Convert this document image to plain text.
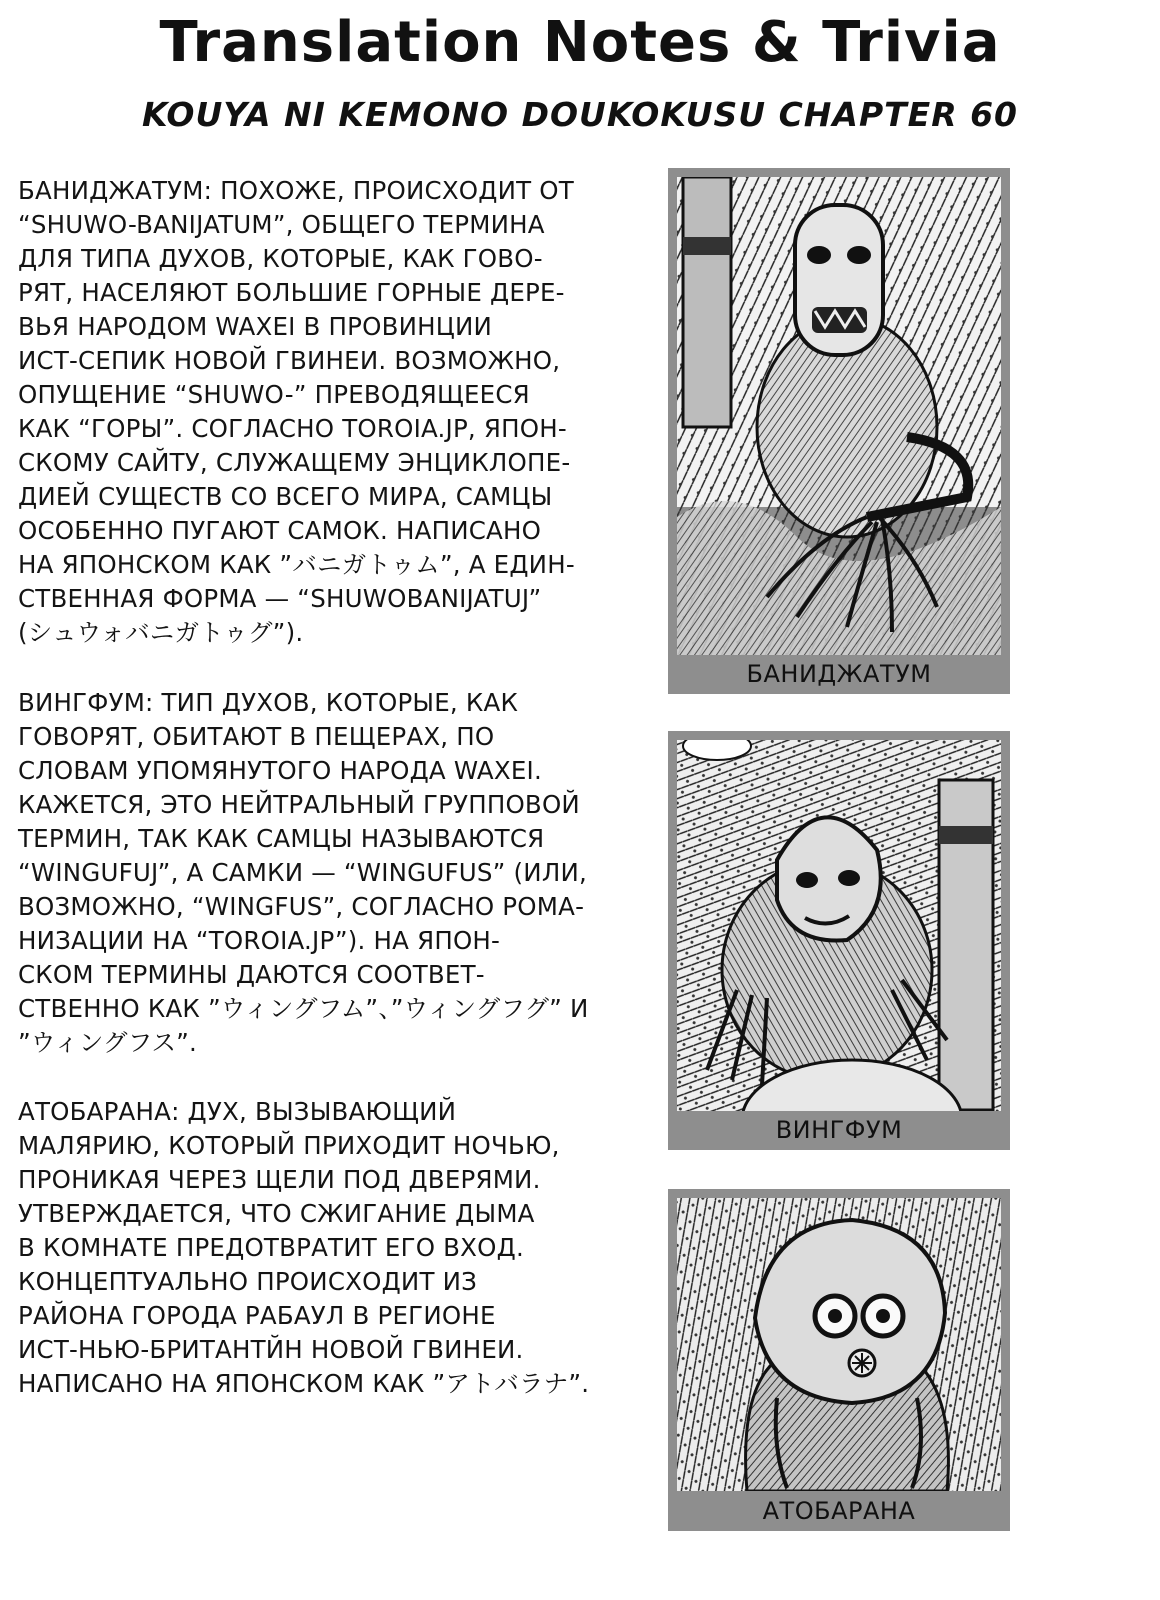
Translation Notes & Trivia
KOUYA NI KEMONO DOUKOKUSU CHAPTER 60
БАНИДЖАТУМ: ПОХОЖЕ, ПРОИСХОДИТ ОТ
“SHUWO-BANIJATUM”, ОБЩЕГО ТЕРМИНА
ДЛЯ ТИПА ДУХОВ, КОТОРЫЕ, КАК ГОВО-
РЯТ, НАСЕЛЯЮТ БОЛЬШИЕ ГОРНЫЕ ДЕРЕ-
ВЬЯ НАРОДОМ WAXEI В ПРОВИНЦИИ
ИСТ-СЕПИК НОВОЙ ГВИНЕИ. ВОЗМОЖНО,
ОПУЩЕНИЕ “SHUWO-” ПРЕВОДЯЩЕЕСЯ
КАК “ГОРЫ”. СОГЛАСНО TOROIA.JP, ЯПОН-
СКОМУ САЙТУ, СЛУЖАЩЕМУ ЭНЦИКЛОПЕ-
ДИЕЙ СУЩЕСТВ СО ВСЕГО МИРА, САМЦЫ
ОСОБЕННО ПУГАЮТ САМОК. НАПИСАНО
НА ЯПОНСКОМ КАК ”バニガトゥム”, А ЕДИН-
СТВЕННАЯ ФОРМА — “SHUWOBANIJATUJ”
(シュウォバニガトゥグ”).
ВИНГФУМ: ТИП ДУХОВ, КОТОРЫЕ, КАК
ГОВОРЯТ, ОБИТАЮТ В ПЕЩЕРАХ, ПО
СЛОВАМ УПОМЯНУТОГО НАРОДА WAXEI.
КАЖЕТСЯ, ЭТО НЕЙТРАЛЬНЫЙ ГРУППОВОЙ
ТЕРМИН, ТАК КАК САМЦЫ НАЗЫВАЮТСЯ
“WINGUFUJ”, А САМКИ — “WINGUFUS” (ИЛИ,
ВОЗМОЖНО, “WINGFUS”, СОГЛАСНО РОМА-
НИЗАЦИИ НА “TOROIA.JP”). НА ЯПОН-
СКОМ ТЕРМИНЫ ДАЮТСЯ СООТВЕТ-
СТВЕННО КАК ”ウィングフム”、”ウィングフグ” И
”ウィングフス”.
АТОБАРАНА: ДУХ, ВЫЗЫВАЮЩИЙ
МАЛЯРИЮ, КОТОРЫЙ ПРИХОДИТ НОЧЬЮ,
ПРОНИКАЯ ЧЕРЕЗ ЩЕЛИ ПОД ДВЕРЯМИ.
УТВЕРЖДАЕТСЯ, ЧТО СЖИГАНИЕ ДЫМА
В КОМНАТЕ ПРЕДОТВРАТИТ ЕГО ВХОД.
КОНЦЕПТУАЛЬНО ПРОИСХОДИТ ИЗ
РАЙОНА ГОРОДА РАБАУЛ В РЕГИОНЕ
ИСТ-НЬЮ-БРИТАНТЙН НОВОЙ ГВИНЕИ.
НАПИСАНО НА ЯПОНСКОМ КАК ”アトバラナ”.
БАНИДЖАТУМ
ВИНГФУМ
АТОБАРАНА
